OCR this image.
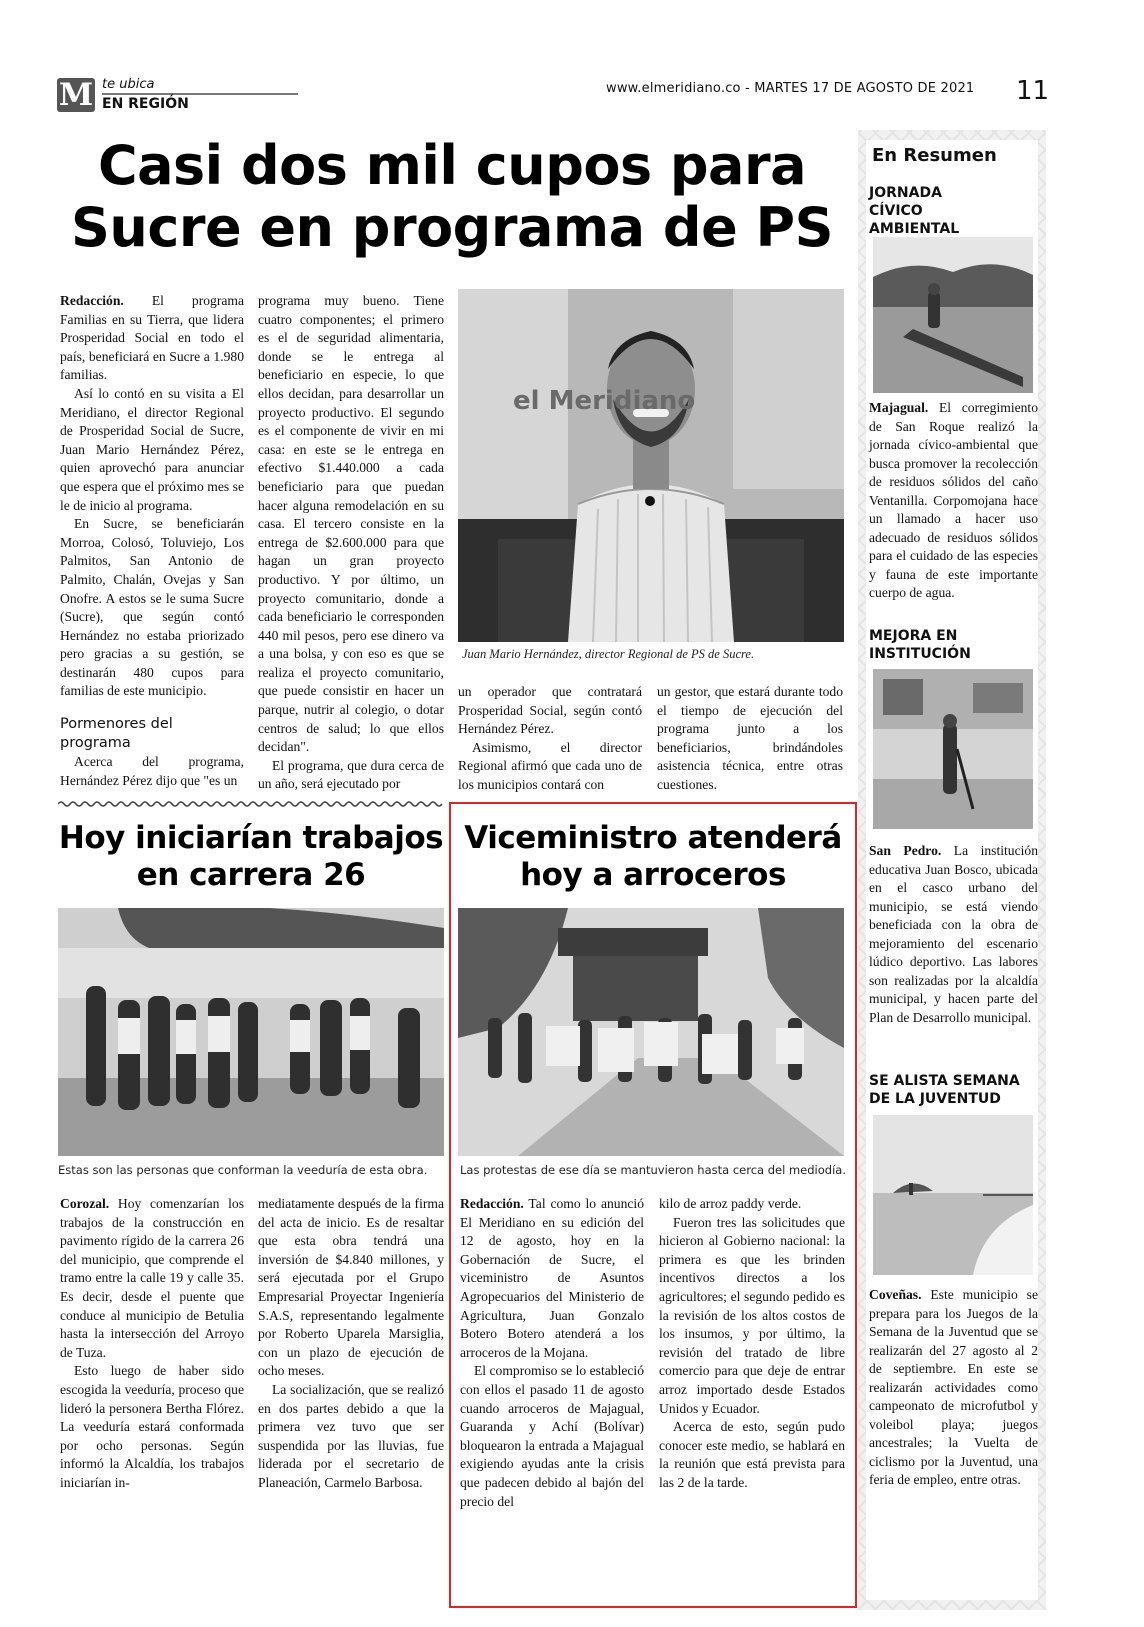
M te ubica
EN REGIÓN
www.elmeridiano.co - MARTES 17 DE AGOSTO DE 2021 11
Casi dos mil cupos para
Sucre en programa de PS

Redacción. El programa Familias en su Tierra, que lidera Prosperidad Social en todo el país, beneficiará en Sucre a 1.980 familias.

Así lo contó en su visita a El Meridiano, el director Regional de Prosperidad Social de Sucre, Juan Mario Hernández Pérez, quien aprovechó para anunciar que espera que el próximo mes se le de inicio al programa.

En Sucre, se beneficiarán Morroa, Colosó, Toluviejo, Los Palmitos, San Antonio de Palmito, Chalán, Ovejas y San Onofre. A estos se le suma Sucre (Sucre), que según contó Hernández no estaba priorizado pero gracias a su gestión, se destinarán 480 cupos para familias de este municipio.

Pormenores del programa

Acerca del programa, Hernández Pérez dijo que "es un

programa muy bueno. Tiene cuatro componentes; el primero es el de seguridad alimentaria, donde se le entrega al beneficiario en especie, lo que ellos decidan, para desarrollar un proyecto productivo. El segundo es el componente de vivir en mi casa: en este se le entrega en efectivo $1.440.000 a cada beneficiario para que puedan hacer alguna remodelación en su casa. El tercero consiste en la entrega de $2.600.000 para que hagan un gran proyecto productivo. Y por último, un proyecto comunitario, donde a cada beneficiario le corresponden 440 mil pesos, pero ese dinero va a una bolsa, y con eso es que se realiza el proyecto comunitario, que puede consistir en hacer un parque, nutrir al colegio, o dotar centros de salud; lo que ellos decidan".

El programa, que dura cerca de un año, será ejecutado por

el Meridiano
Juan Mario Hernández, director Regional de PS de Sucre.

un operador que contratará Prosperidad Social, según contó Hernández Pérez.

Asimismo, el director Regional afirmó que cada uno de los municipios contará con

un gestor, que estará durante todo el tiempo de ejecución del programa junto a los beneficiarios, brindándoles asistencia técnica, entre otras cuestiones.

Hoy iniciarían trabajos
en carrera 26
Estas son las personas que conforman la veeduría de esta obra.

Corozal. Hoy comenzarían los trabajos de la construcción en pavimento rígido de la carrera 26 del municipio, que comprende el tramo entre la calle 19 y calle 35. Es decir, desde el puente que conduce al municipio de Betulia hasta la intersección del Arroyo de Tuza.

Esto luego de haber sido escogida la veeduría, proceso que lideró la personera Bertha Flórez. La veeduría estará conformada por ocho personas. Según informó la Alcaldía, los trabajos iniciarían in-

mediatamente después de la firma del acta de inicio. Es de resaltar que esta obra tendrá una inversión de $4.840 millones, y será ejecutada por el Grupo Empresarial Proyectar Ingeniería S.A.S, representando legalmente por Roberto Uparela Marsiglia, con un plazo de ejecución de ocho meses.

La socialización, que se realizó en dos partes debido a que la primera vez tuvo que ser suspendida por las lluvias, fue liderada por el secretario de Planeación, Carmelo Barbosa.

Viceministro atenderá
hoy a arroceros
Las protestas de ese día se mantuvieron hasta cerca del mediodía.

Redacción. Tal como lo anunció El Meridiano en su edición del 12 de agosto, hoy en la Gobernación de Sucre, el viceministro de Asuntos Agropecuarios del Ministerio de Agricultura, Juan Gonzalo Botero Botero atenderá a los arroceros de la Mojana.

El compromiso se lo estableció con ellos el pasado 11 de agosto cuando arroceros de Majagual, Guaranda y Achí (Bolívar) bloquearon la entrada a Majagual exigiendo ayudas ante la crisis que padecen debido al bajón del precio del

kilo de arroz paddy verde.

Fueron tres las solicitudes que hicieron al Gobierno nacional: la primera es que les brinden incentivos directos a los agricultores; el segundo pedido es la revisión de los altos costos de los insumos, y por último, la revisión del tratado de libre comercio para que deje de entrar arroz importado desde Estados Unidos y Ecuador.

Acerca de esto, según pudo conocer este medio, se hablará en la reunión que está prevista para las 2 de la tarde.

En Resumen
JORNADA CÍVICO AMBIENTAL
Majagual. El corregimiento de San Roque realizó la jornada cívico-ambiental que busca promover la recolección de residuos sólidos del caño Ventanilla. Corpomojana hace un llamado a hacer uso adecuado de residuos sólidos para el cuidado de las especies y fauna de este importante cuerpo de agua.
MEJORA EN INSTITUCIÓN
San Pedro. La institución educativa Juan Bosco, ubicada en el casco urbano del municipio, se está viendo beneficiada con la obra de mejoramiento del escenario lúdico deportivo. Las labores son realizadas por la alcaldía municipal, y hacen parte del Plan de Desarrollo municipal.
SE ALISTA SEMANA DE LA JUVENTUD
Coveñas. Este municipio se prepara para los Juegos de la Semana de la Juventud que se realizarán del 27 agosto al 2 de septiembre. En este se realizarán actividades como campeonato de microfutbol y voleibol playa; juegos ancestrales; la Vuelta de ciclismo por la Juventud, una feria de empleo, entre otras.
